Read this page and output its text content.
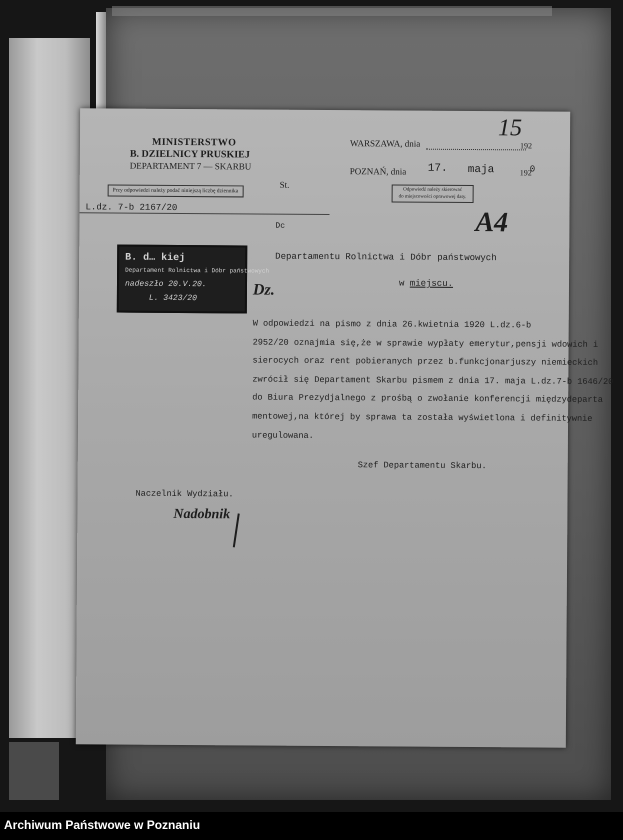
MINISTERSTWO
B. DZIELNICY PRUSKIEJ
DEPARTAMENT 7 — SKARBU
Przy odpowiedzi należy podać niniejszą liczbę dziennika
St.
WARSZAWA, dnia	192
POZNAŃ, dnia 17. maja	192
0
15
Odpowiedź należy skierować
do miejscowości oprawowej daty.
A4
L.dz. 7-b 2167/20
B. d… kiej
Departament Rolnictwa i Dóbr państwowych
nadeszło 20.V.20.
L. 3423/20
Dc
Departamentu Rolnictwa i Dóbr państwowych
w miejscu.
Dz.
W odpowiedzi na pismo z dnia 26.kwietnia 1920 L.dz.6-b
2952/20 oznajmia się,że w sprawie wypłaty emerytur,pensji wdowich i
sierocych oraz rent pobieranych przez b.funkcjonarjuszy niemieckich
zwrócił się Departament Skarbu pismem z dnia 17. maja L.dz.7-b 1646/20
do Biura Prezydjalnego z prośbą o zwołanie konferencji międzydeparta
mentowej,na której by sprawa ta została wyświetlona i definitywnie
uregulowana.
Szef Departamentu Skarbu.
Naczelnik Wydziału.
Nadobnik
Archiwum Państwowe w Poznaniu
